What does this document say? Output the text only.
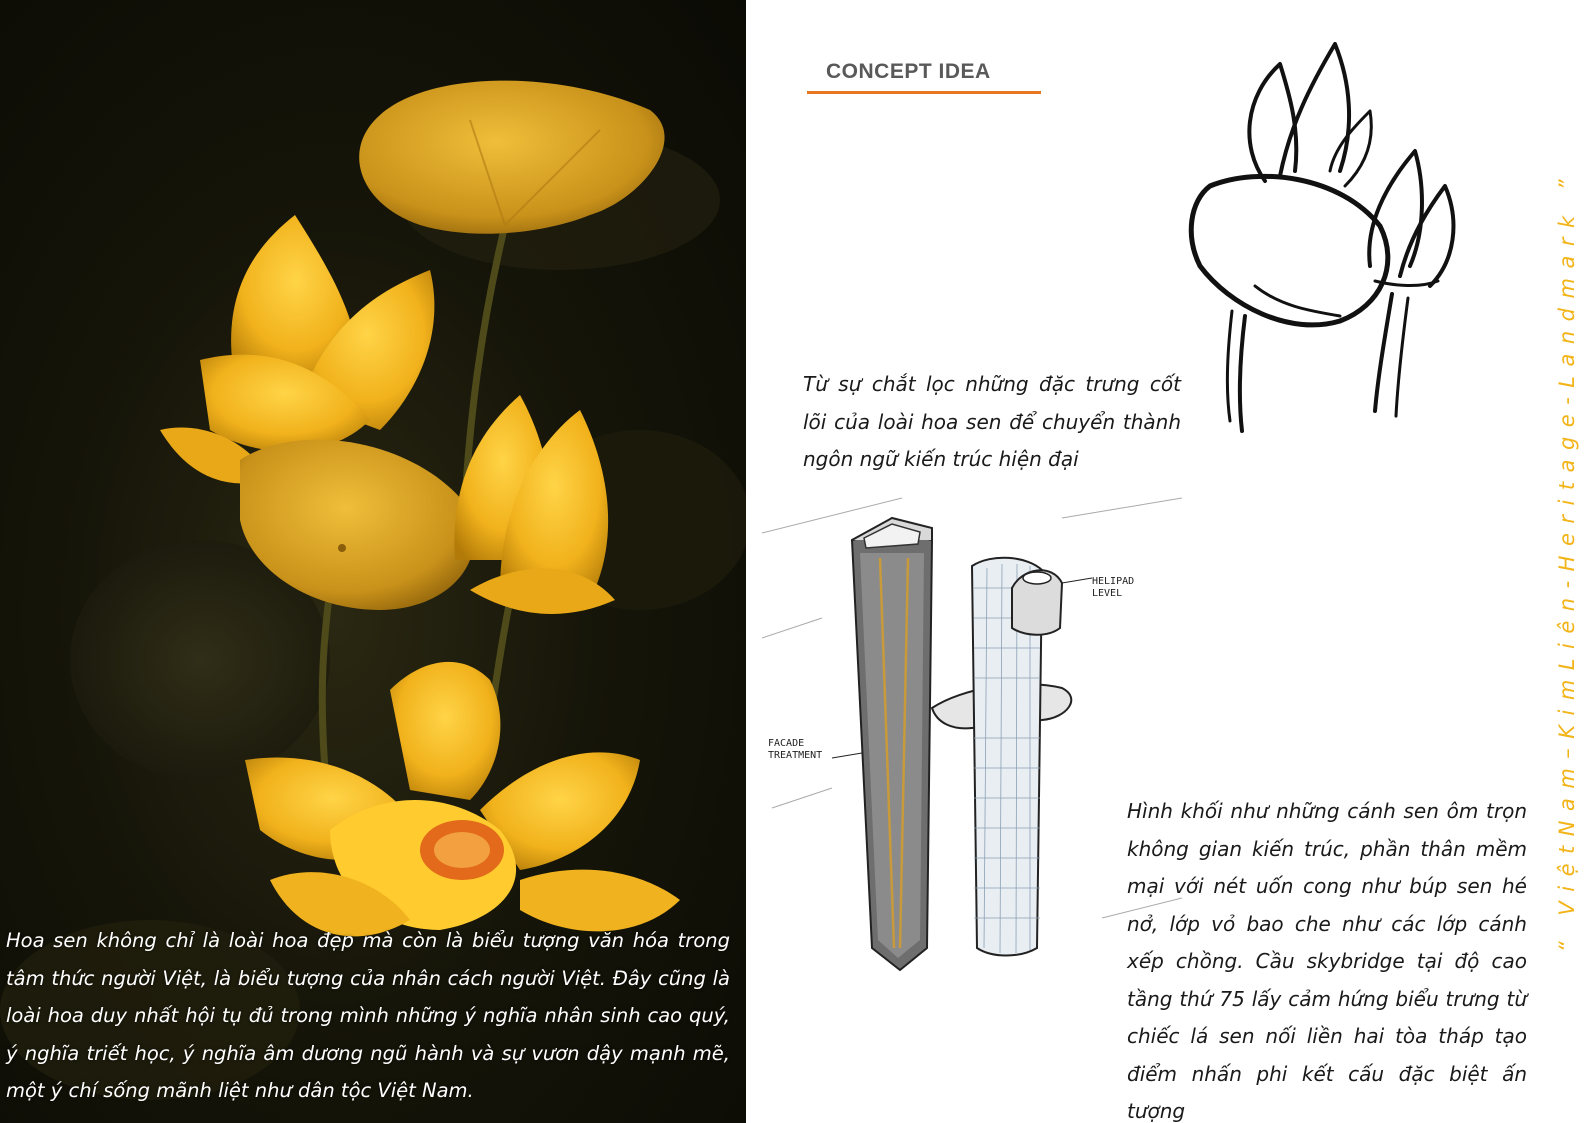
Hoa sen không chỉ là loài hoa đẹp mà còn là biểu tượng văn hóa trong tâm thức người Việt, là biểu tượng của nhân cách người Việt. Đây cũng là loài hoa duy nhất hội tụ đủ trong mình những ý nghĩa nhân sinh cao quý, ý nghĩa triết học, ý nghĩa âm dương ngũ hành và sự vươn dậy mạnh mẽ, một ý chí sống mãnh liệt như dân tộc Việt Nam.

CONCEPT IDEA

Từ sự chắt lọc những đặc trưng cốt lõi của loài hoa sen để chuyển thành ngôn ngữ kiến trúc hiện đại

HELIPAD LEVEL
FACADE TREATMENT

Hình khối như những cánh sen ôm trọn không gian kiến trúc, phần thân mềm mại với nét uốn cong như búp sen hé nở, lớp vỏ bao che như các lớp cánh xếp chồng. Cầu skybridge tại độ cao tầng thứ 75 lấy cảm hứng biểu trưng từ chiếc lá sen nối liền hai tòa tháp tạo điểm nhấn phi kết cấu đặc biệt ấn tượng

“ ViệtNam–KimLiên-Heritage-Landmark ”
